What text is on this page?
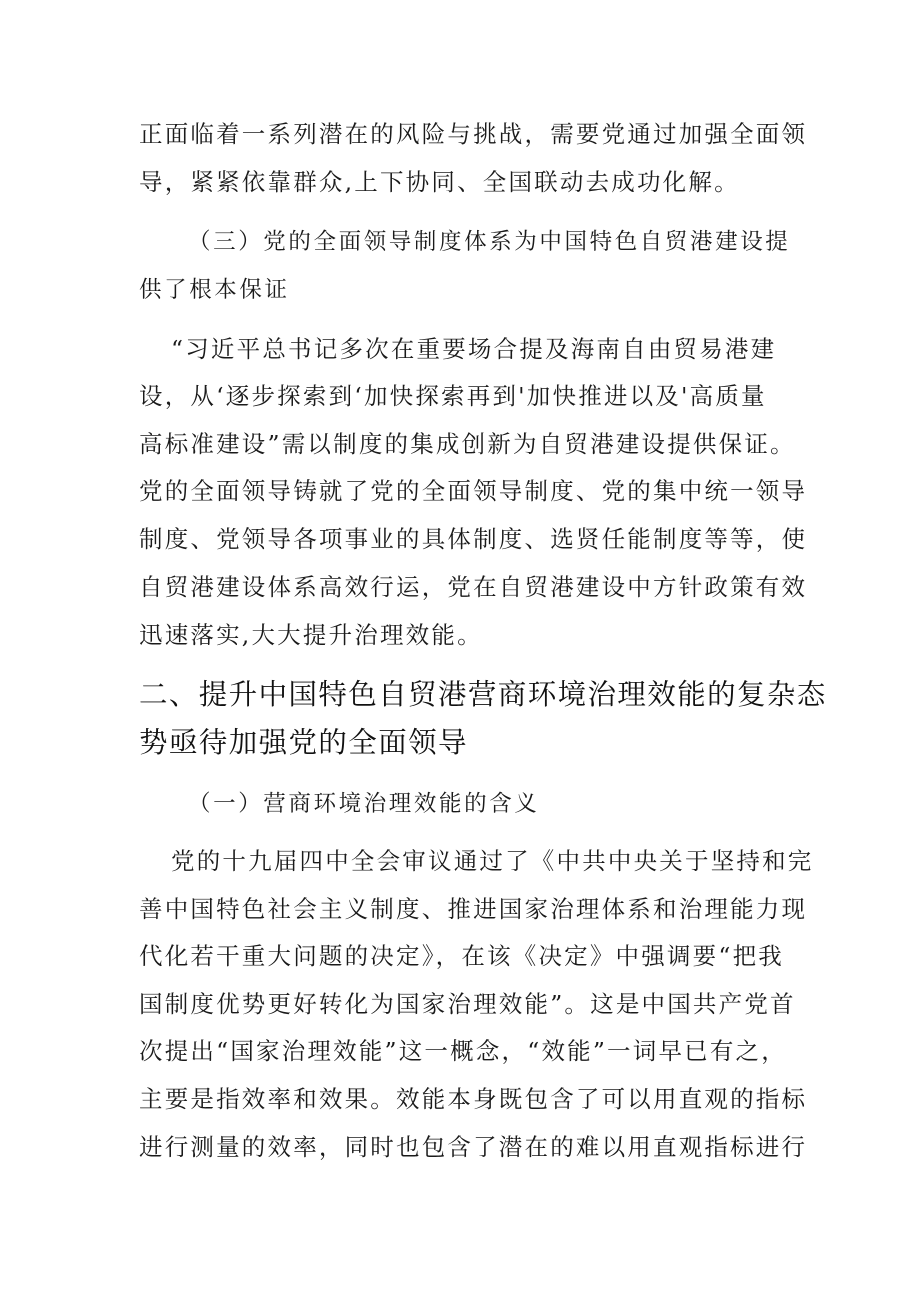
正面临着一系列潜在的风险与挑战，需要党通过加强全面领
导，紧紧依靠群众,上下协同、全国联动去成功化解。
（三）党的全面领导制度体系为中国特色自贸港建设提
供了根本保证
“习近平总书记多次在重要场合提及海南自由贸易港建
设，从‘逐步探索到‘加快探索再到'加快推进以及'高质量
高标准建设”需以制度的集成创新为自贸港建设提供保证。
党的全面领导铸就了党的全面领导制度、党的集中统一领导
制度、党领导各项事业的具体制度、选贤任能制度等等，使
自贸港建设体系高效行运，党在自贸港建设中方针政策有效
迅速落实,大大提升治理效能。
二、提升中国特色自贸港营商环境治理效能的复杂态
势亟待加强党的全面领导
（一）营商环境治理效能的含义
党的十九届四中全会审议通过了《中共中央关于坚持和完
善中国特色社会主义制度、推进国家治理体系和治理能力现
代化若干重大问题的决定》，在该《决定》中强调要“把我
国制度优势更好转化为国家治理效能”。这是中国共产党首
次提出“国家治理效能”这一概念，“效能”一词早已有之，
主要是指效率和效果。效能本身既包含了可以用直观的指标
进行测量的效率，同时也包含了潜在的难以用直观指标进行
